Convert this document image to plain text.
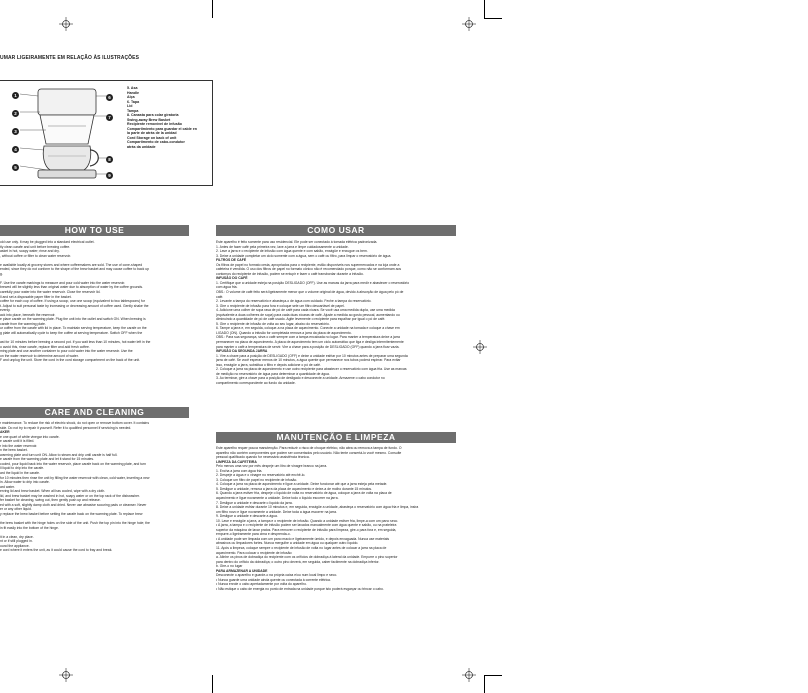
UMAR LIGEIRAMENTE EM RELAÇÃO ÀS ILUSTRAÇÕES
1
2
3
4
5
6
7
8
9
5. Asa
Handle
Alça
6. Tapa
Lid
Tampa
8. Canasta para colar giratoria
Swing-away Brew Basket
Recipiente removível de infusão
Compartimiento para guardar el cable en
la parte de atrás de la unidad
Cord Storage on back of unit
Compartimento de cabo-condutor
atrás da unidade
HOW TO USE
CARE AND CLEANING
COMO USAR
MANUTENÇÃO E LIMPEZA
old use only. It may be plugged into a standard electrical outlet.
tly clean carafe and unit before brewing coffee.
asket in hot, soapy water; rinse and dry.
, without coffee or filter to clean water reservoir.

e available locally at grocery stores and where coffeemakers are sold. The use of cone-shaped
ended, since they do not conform to the shape of the brew basket and may cause coffee to back up
g.

F. Use the carafe markings to measure and pour cold water into the water reservoir.
brewed will be slightly less than original water due to absorption of water by the coffee grounds.
carefully pour water into the water reservoir. Close the reservoir lid.
ll and set a disposable paper filter in the basket.
coffee for each cup of coffee. If using a scoop, use one scoop (equivalent to two tablespoons) for
t. Adjust to suit personal taste by increasing or decreasing amount of coffee used. Gently shake the
evenly.
ack into place, beneath the reservoir.
e place carafe on the warming plate. Plug the unit into the outlet and switch ON. When brewing is
carafe from the warming plate.
ur coffee from the carafe with lid in place. To maintain serving temperature, keep the carafe on the
g plate will automatically cycle to keep the coffee at serving temperature. Switch OFF when the

ast for 10 minutes before brewing a second pot. If you wait less than 10 minutes, hot water left in the
o avoid this, rinse carafe, replace filter and add fresh coffee.
ming plate and use another container to pour cold water into the water reservoir. Use the
on the water reservoir to determine amount of water.
F and unplug the unit. Store the cord in the cord storage compartment on the back of the unit.
r maintenance. To reduce the risk of electric shock, do not open or remove bottom cover. It contains
side. Do not try to repair it yourself. Refer it to qualified personnel if servicing is needed.
AKER
e one quart of white vinegar into carafe.
e carafe until it is filled.
r into the water reservoir.
n the brew basket.
warming plate and turn unit ON. Allow to steam and drip until carafe is half full.
e carafe from the warming plate and let it stand for 15 minutes.
cooled, pour liquid back into the water reservoir, place carafe back on the warming plate, and turn
ll liquid to drip into the carafe.
ard the liquid in the carafe.
for 10 minutes then rinse the unit by filling the water reservoir with clean, cold water, inserting a new
in. Allow water to drip into carafe.
ard water.
erving lid and brew basket. When all has cooled, wipe with a dry cloth.
lid, and brew basket may be washed in hot, soapy water or on the top rack of the dishwasher.
fer basket for cleaning, swing out, then gently push up and release.
ed with a soft, slightly damp cloth and dried. Never use abrasive scouring pads or cleanser. Never
er or any other liquid.
y replace the brew basket before setting the carafe back on the warming plate. To replace brew

the brew basket with the hinge holes on the side of the unit. Push the top pin into the hinge hole; the
in fit easily into the bottom of the hinge.

it in a clean, dry place.
nt or if still plugged in.
ound the appliance.
e cord where it enters the unit, as it could cause the cord to fray and break.
Este aparelho é feito somente para uso residencial. Ele pode ser conectado à tomada elétrica padronizada.
1. Antes de fazer café pela primeira vez, lave a jarra e limpe cuidadosamente a unidade.
2. Lave a jarra e o recipiente de infusão com água quente e com sabão, enxágüe e enxugue os bem.
3. Deixe a unidade completar um ciclo somente com a água, sem o café ou filtro, para limpar o reservatório de água.
FILTROS DE CAFÉ
Os filtros de papel no formato cesta, apropriados para o recipiente, estão disponíveis nos supermercados e na loja onde a
cafeteira é vendida. O uso dos filtros de papel no formato cônico não é recomendado porque, como não se conformam aos
contornos do recipiente de infusão, podem se entupir e fazer o café transbordar durante a infusão.
INFUSÃO DO CAFÉ
1. Certifique que a unidade esteja na posição DESLIGADO (OFF). Use as marcas da jarra para medir e abastecer o reservatório
com água fria.
OBS.: O volume de café feito será ligeiramente menor que o volume original de água, devido à absorção de água pelo pó de
café.
2. Levante a tampa do reservatório e abasteça-o de água com cuidado. Feche a tampa do reservatório.
3. Gire o recipiente de infusão para fora e coloque sele um filtro descartável de papel.
4. Adicione uma colher de sopa rasa de pó de café para cada xícara. Se você usa uma medida dupla, use uma medida
(equivalente a duas colheres de sopa) para cada duas xícaras de café. Ajuste a medida ao gosto pessoal, aumentando ou
diminuindo a quantidade de pó de café usado. Agite levemente o recipiente para espalhar por igual o pó de café.
5. Gire o recipiente de infusão de volta ao seu lugar, abaixo do reservatório.
6. Tampe a jarra e, em seguida, coloque-a na placa de aquecimento. Conecte a unidade na tomada e coloque a chave em
LIGADO (ON). Quando a infusão for completada remova a jarra da placa de aquecimento.
OBS.: Para sua segurança, sirva o café sempre com a tampa encaixada no lugar. Para manter a temperatura deixe a jarra
permanecer na placa de aquecimento. A placa de aquecimento tem um ciclo automático que liga e desliga intermitentemente
para manter o café a temperatura de servir. Vire a chave para a posição de DESLIGADO (OFF) quando a jarra ficar vazia.
INFUSÃO DA SEGUNDA JARRA
1. Vire a chave para a posição de DESLIGADO (OFF) e deixe a unidade esfriar por 10 minutos antes de preparar uma segunda
jarra de café. Se você esperar menos de 10 minutos, a água quente que permanece nos tubos poderá espirrar. Para evitar
isso, enxágüe a jarra, substitua o filtro e depois adicione o pó de café.
2. Coloque a jarra na placa de aquecimento e use outro recipiente para abastecer o reservatório com água fria. Use as marcas
de medição no reservatório de água para determinar a quantidade de água.
3. Ao terminar, gire a chave para a posição de desligado e desconecte a unidade. Armazene o cabo condutor no
compartimento correspondente ao fundo da unidade.
Este aparelho requer pouca manutenção. Para reduzir o risco de choque elétrico, não abra ou remova a tampa de fundo. O
aparelho não contém componentes que podem ser consertados pelo usuário. Não tente consertá-lo você mesmo. Consulte
pessoal qualificado quando for necessário assistência técnica.
LIMPEZA DA CAFETEIRA
Pelo menos uma vez por mês despeje um litro de vinagre branco na jarra.
1. Encha a jarra com água fria.
2. Despeje a água e o vinagre no reservatório até enchê-lo.
3. Coloque um filtro de papel no recipiente de infusão.
4. Coloque a jarra na placa de aquecimento e ligue a unidade. Deixe funcionar até que a jarra esteja pela metade.
5. Desligue a unidade, remova a jarra da placa de aquecimento e deixe-a de molho durante 15 minutos.
6. Quando a jarra estiver fria, despeje o líquido de volta no reservatório de água, coloque a jarra de volta na placa de
aquecimento e ligue novamente a unidade. Deixe todo o líquido escorrer na jarra.
7. Desligue a unidade e descarte o líquido da jarra.
8. Deixe a unidade esfriar durante 10 minutos e, em seguida, enxágüe a unidade, abasteça o reservatório com água fria e limpa, insira
um filtro novo e ligue novamente a unidade. Deixe toda a água escorrer na jarra.
9. Desligue a unidade e descarte a água.
10. Lave e enxágüe a jarra, a tampa e o recipiente de infusão. Quando a unidade estiver fria, limpe-a com um pano seco.
• A jarra, a tampa e o recipiente de infusão podem ser lavados manualmente com água quente e sabão, ou na prateleira
superior da máquina de lavar pratos. Para remover o recipiente de infusão para limpeza, gire-o para fora e, em seguida,
empurre-o ligeiramente para cima e desprenda-o.
• A unidade pode ser limpada com um pano macio e ligeiramente úmido, e depois enxaguada. Nunca use materiais
abrasivos ou limpadores fortes. Nunca mergulhe a unidade em água ou qualquer outro líquido.
11. Após a limpeza, coloque sempre o recipiente de infusão de volta no lugar antes de colocar a jarra na placa de
aquecimento. Para colocar o recipiente de infusão:
a. Alinhe os pinos de dobradiça do recipiente com os orifícios de dobradiça à lateral da unidade. Empurre o pino superior
para dentro do orifício da dobradiça; o outro pino deverá, em seguida, caber facilmente na dobradiça inferior.
b. Gire-o no lugar
PARA ARMAZENAR A UNIDADE
Desconecte o aparelho e guarde-o na própria caixa e/ou num local limpo e seco.
• Nunca guarde uma unidade ainda quente ou conectada à corrente elétrica.
• Nunca enrole o cabo apertadamente por volta do aparelho.
• Não estique o cabo de energia no ponto de entrada na unidade porque isto poderá esgarçar ou trincar o cabo.
